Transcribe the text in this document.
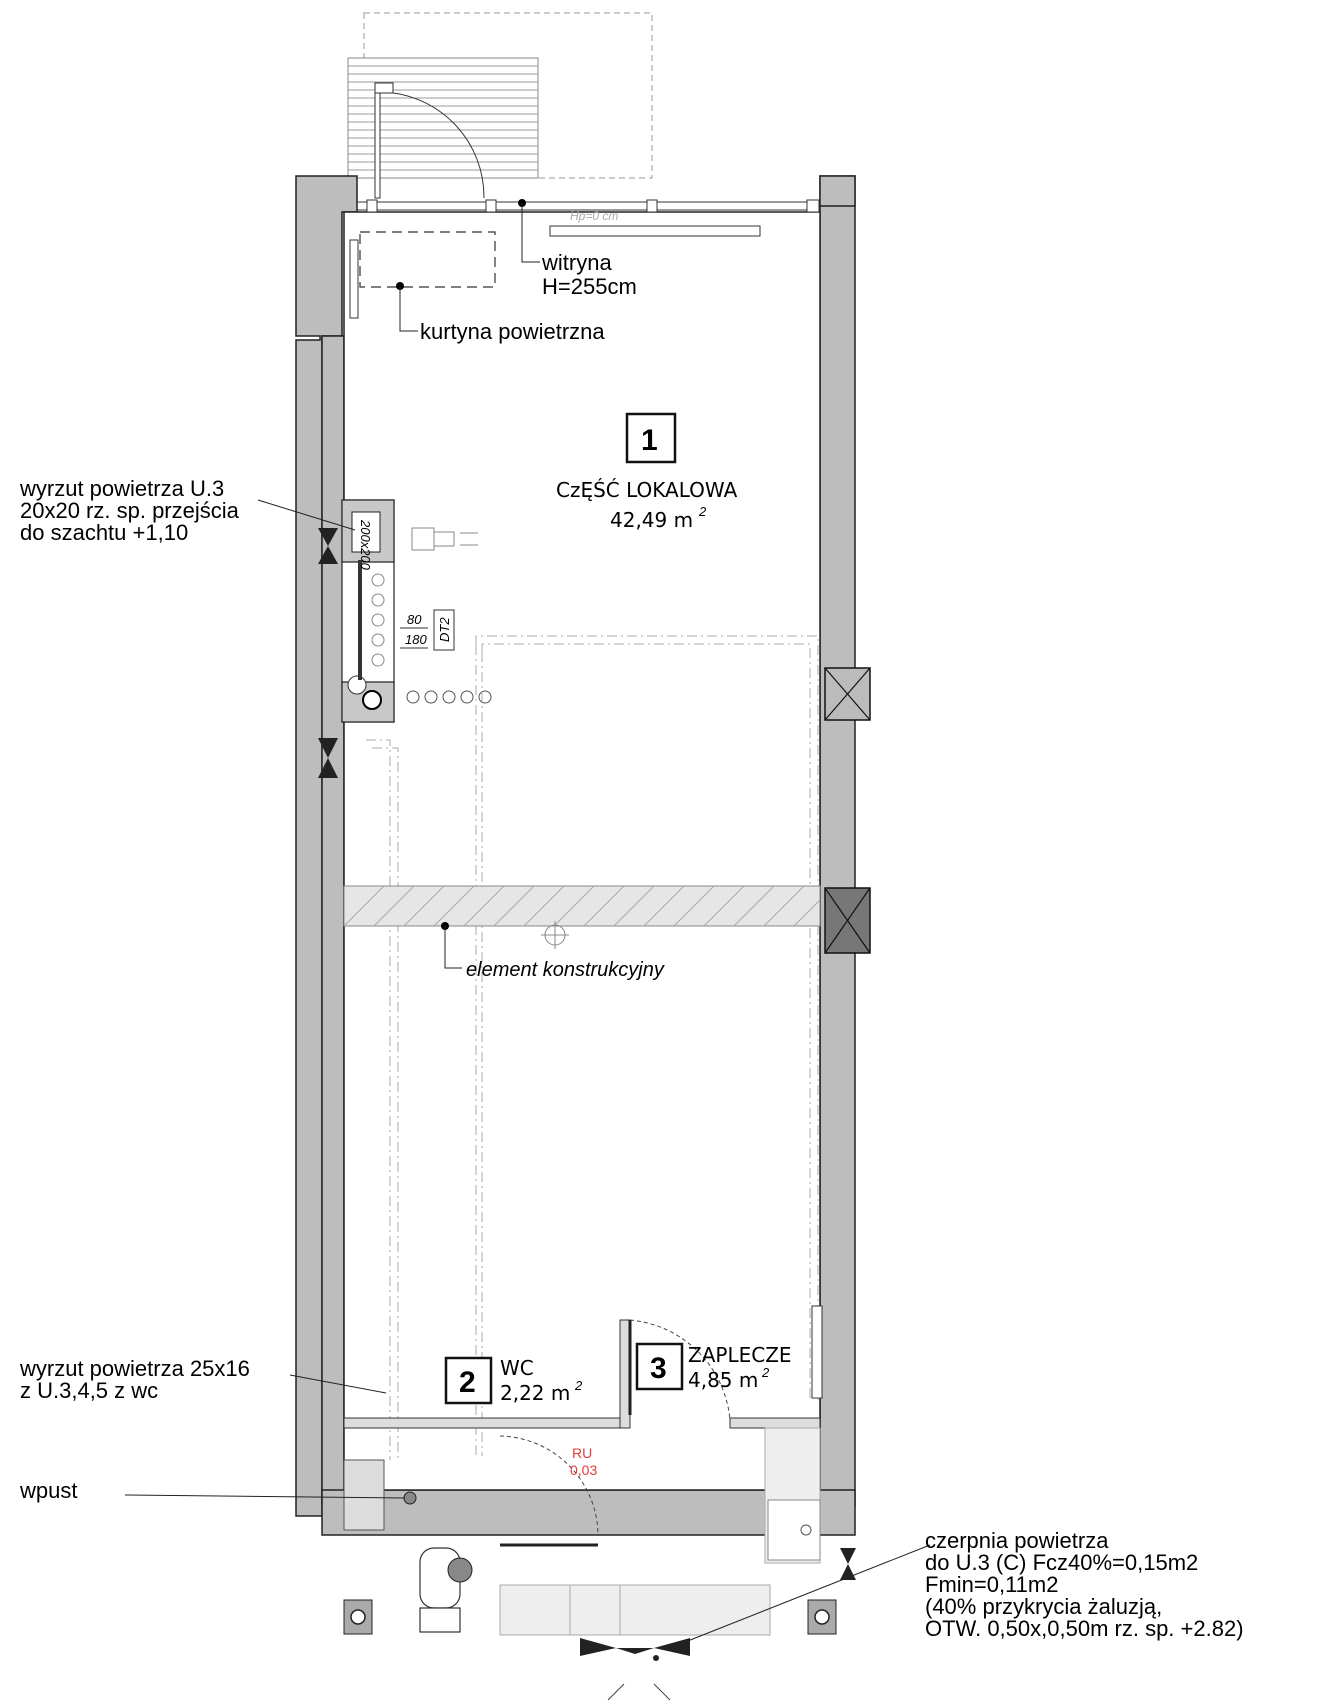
Hp=0 cm
200x200
80
180 DT2
RU
0,03
1
CzĘŚĆ LOKALOWA
42,49 m 2
2 WC
2,22 m 2
3 ZAPLECZE
4,85 m 2
witryna
H=255cm
kurtyna powietrzna
element konstrukcyjny
wyrzut powietrza U.3
20x20 rz. sp. przejścia
do szachtu +1,10
wyrzut powietrza 25x16
z U.3,4,5 z wc
wpust
czerpnia powietrza
do U.3 (C) Fcz40%=0,15m2
Fmin=0,11m2
(40% przykrycia żaluzją,
OTW. 0,50x,0,50m rz. sp. +2.82)
